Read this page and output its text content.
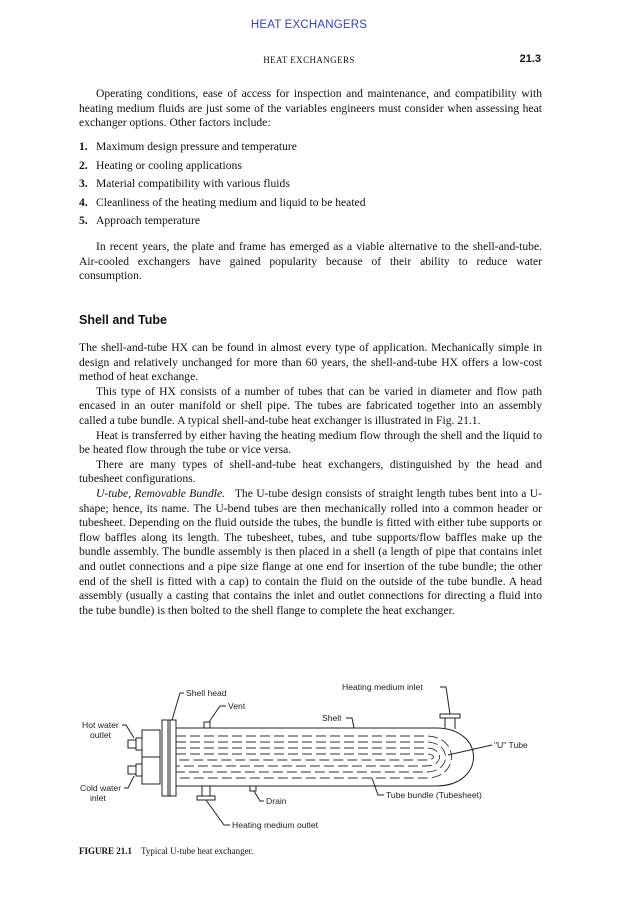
HEAT EXCHANGERS
HEAT EXCHANGERS	21.3

Operating conditions, ease of access for inspection and maintenance, and compatibility with heating medium fluids are just some of the variables engineers must consider when assessing heat exchanger options. Other factors include:

1. Maximum design pressure and temperature
2. Heating or cooling applications
3. Material compatibility with various fluids
4. Cleanliness of the heating medium and liquid to be heated
5. Approach temperature

In recent years, the plate and frame has emerged as a viable alternative to the shell-and-tube. Air-cooled exchangers have gained popularity because of their ability to reduce water consumption.

Shell and Tube

The shell-and-tube HX can be found in almost every type of application. Mechanically simple in design and relatively unchanged for more than 60 years, the shell-and-tube HX offers a low-cost method of heat exchange.

This type of HX consists of a number of tubes that can be varied in diameter and flow path encased in an outer manifold or shell pipe. The tubes are fabricated together into an assembly called a tube bundle. A typical shell-and-tube heat exchanger is illustrated in Fig. 21.1.

Heat is transferred by either having the heating medium flow through the shell and the liquid to be heated flow through the tube or vice versa.

There are many types of shell-and-tube heat exchangers, distinguished by the head and tubesheet configurations.

U-tube, Removable Bundle. The U-tube design consists of straight length tubes bent into a U-shape; hence, its name. The U-bend tubes are then mechanically rolled into a common header or tubesheet. Depending on the fluid outside the tubes, the bundle is fitted with either tube supports or flow baffles along its length. The tubesheet, tubes, and tube supports/flow baffles make up the bundle assembly. The bundle assembly is then placed in a shell (a length of pipe that contains inlet and outlet connections and a pipe size flange at one end for insertion of the tube bundle; the other end of the shell is fitted with a cap) to contain the fluid on the outside of the tube bundle. A head assembly (usually a casting that contains the inlet and outlet connections for directing a fluid into the tube bundle) is then bolted to the shell flange to complete the heat exchanger.

Shell head
Vent
Heating medium inlet
Shell
Hot water
outlet
"U" Tube
Cold water
inlet	Drain
Tube bundle (Tubesheet)
Heating medium outlet
FIGURE 21.1 Typical U-tube heat exchanger.
